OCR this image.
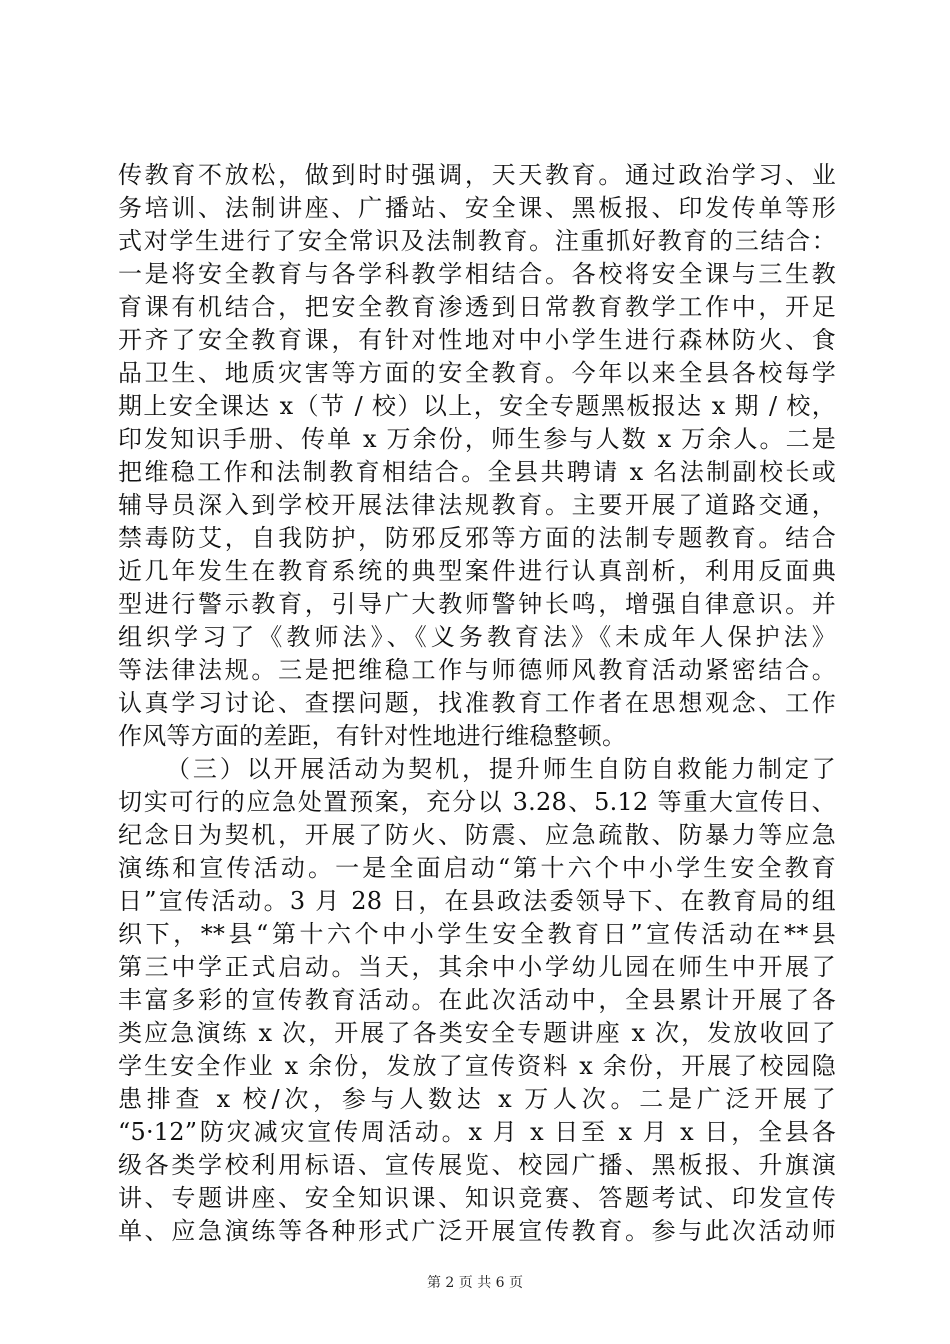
传教育不放松，做到时时强调，天天教育。通过政治学习、业
务培训、法制讲座、广播站、安全课、黑板报、印发传单等形
式对学生进行了安全常识及法制教育。注重抓好教育的三结合：
一是将安全教育与各学科教学相结合。各校将安全课与三生教
育课有机结合，把安全教育渗透到日常教育教学工作中，开足
开齐了安全教育课，有针对性地对中小学生进行森林防火、食
品卫生、地质灾害等方面的安全教育。今年以来全县各校每学
期上安全课达 x（节 / 校）以上，安全专题黑板报达 x 期 / 校，
印发知识手册、传单 x 万余份，师生参与人数 x 万余人。二是
把维稳工作和法制教育相结合。全县共聘请 x 名法制副校长或
辅导员深入到学校开展法律法规教育。主要开展了道路交通，
禁毒防艾，自我防护，防邪反邪等方面的法制专题教育。结合
近几年发生在教育系统的典型案件进行认真剖析，利用反面典
型进行警示教育，引导广大教师警钟长鸣，增强自律意识。并
组织学习了《教师法》、《义务教育法》《未成年人保护法》
等法律法规。三是把维稳工作与师德师风教育活动紧密结合。
认真学习讨论、查摆问题，找准教育工作者在思想观念、工作
作风等方面的差距，有针对性地进行维稳整顿。
（三）以开展活动为契机，提升师生自防自救能力制定了
切实可行的应急处置预案，充分以 3.28、5.12 等重大宣传日、
纪念日为契机，开展了防火、防震、应急疏散、防暴力等应急
演练和宣传活动。一是全面启动“第十六个中小学生安全教育
日”宣传活动。3 月 28 日，在县政法委领导下、在教育局的组
织下，**县“第十六个中小学生安全教育日”宣传活动在**县
第三中学正式启动。当天，其余中小学幼儿园在师生中开展了
丰富多彩的宣传教育活动。在此次活动中，全县累计开展了各
类应急演练 x 次，开展了各类安全专题讲座 x 次，发放收回了
学生安全作业 x 余份，发放了宣传资料 x 余份，开展了校园隐
患排查 x 校/次，参与人数达 x 万人次。二是广泛开展了
“5·12”防灾减灾宣传周活动。x 月 x 日至 x 月 x 日，全县各
级各类学校利用标语、宣传展览、校园广播、黑板报、升旗演
讲、专题讲座、安全知识课、知识竞赛、答题考试、印发宣传
单、应急演练等各种形式广泛开展宣传教育。参与此次活动师
第 2 页 共 6 页
